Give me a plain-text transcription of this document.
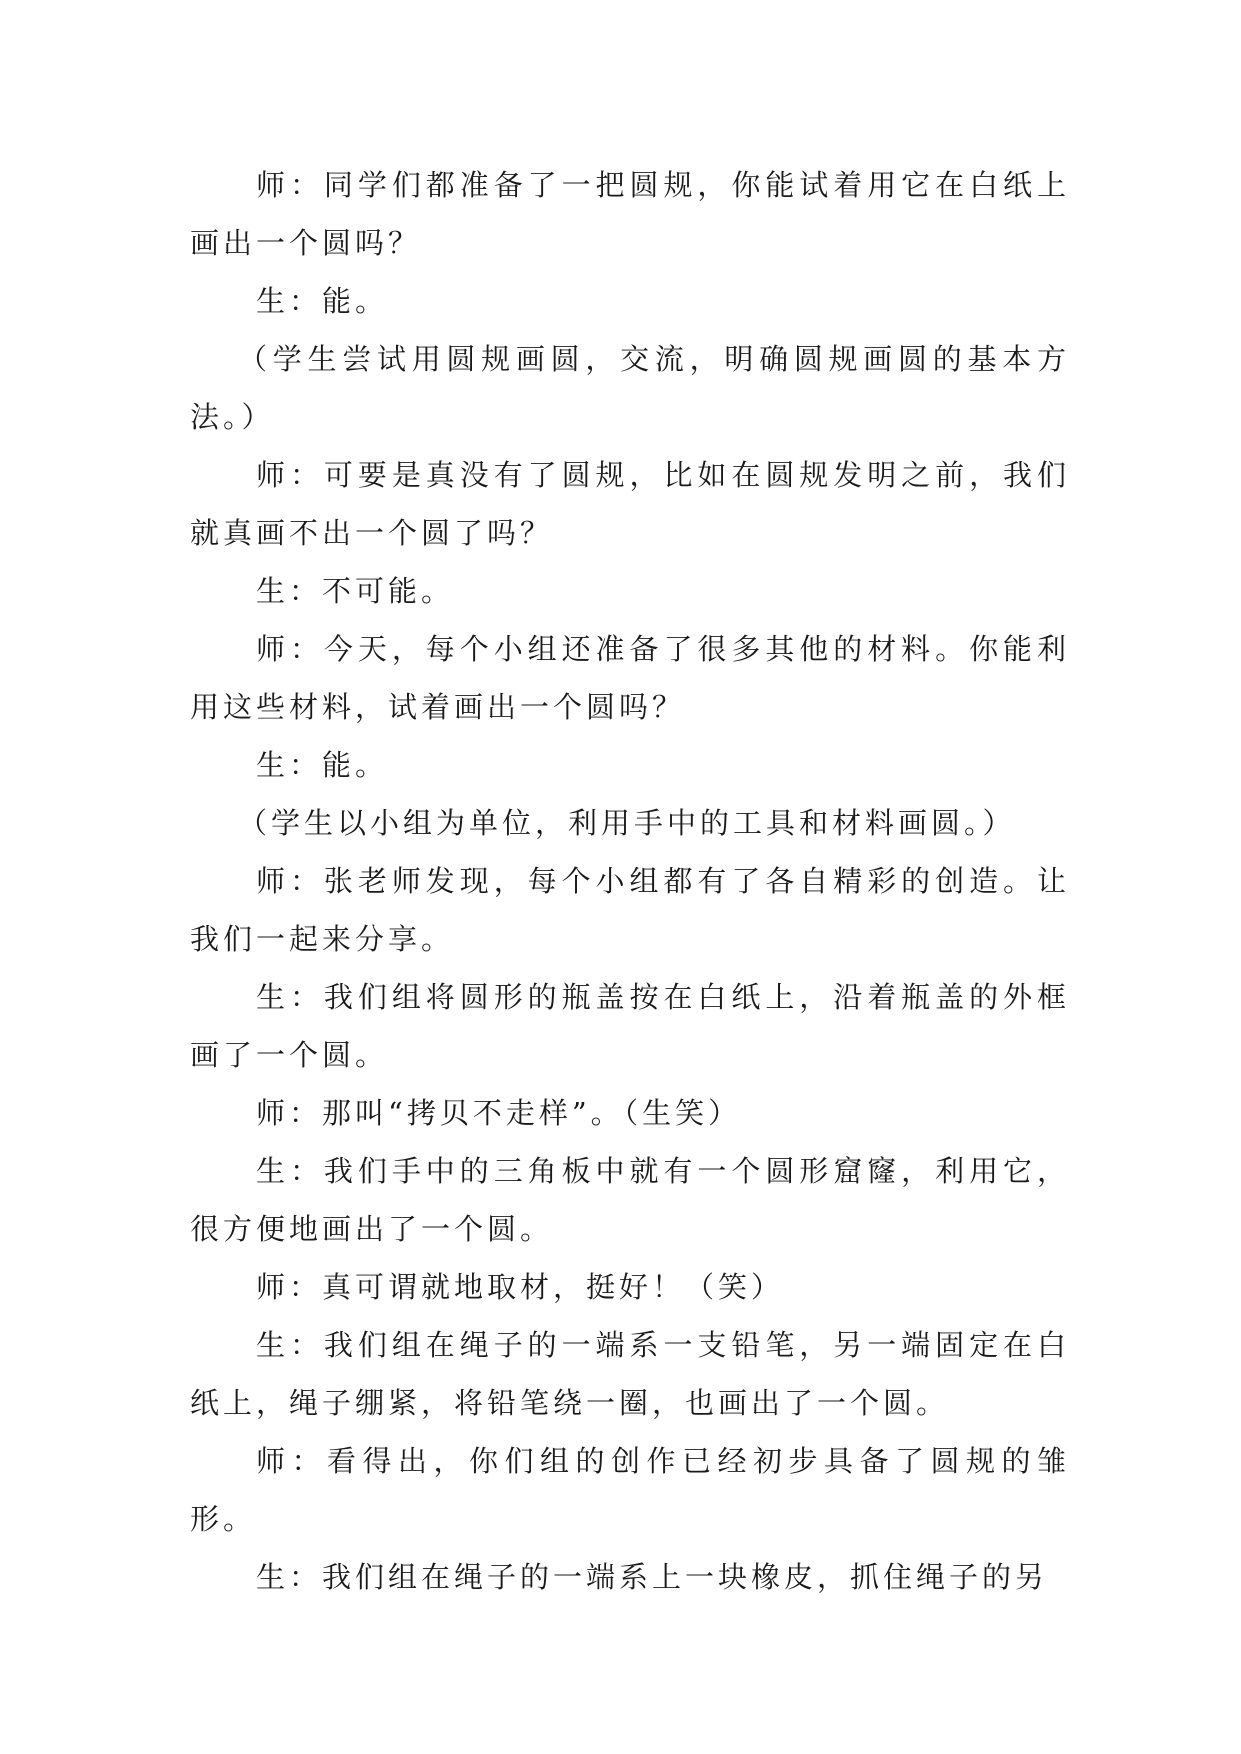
师：同学们都准备了一把圆规，你能试着用它在白纸上画出一个圆吗？

生：能。

（学生尝试用圆规画圆，交流，明确圆规画圆的基本方法。）

师：可要是真没有了圆规，比如在圆规发明之前，我们就真画不出一个圆了吗？

生：不可能。

师：今天，每个小组还准备了很多其他的材料。你能利用这些材料，试着画出一个圆吗？

生：能。

（学生以小组为单位，利用手中的工具和材料画圆。）

师：张老师发现，每个小组都有了各自精彩的创造。让我们一起来分享。

生：我们组将圆形的瓶盖按在白纸上，沿着瓶盖的外框画了一个圆。

师：那叫“拷贝不走样”。（生笑）

生：我们手中的三角板中就有一个圆形窟窿，利用它，很方便地画出了一个圆。

师：真可谓就地取材，挺好！（笑）

生：我们组在绳子的一端系一支铅笔，另一端固定在白纸上，绳子绷紧，将铅笔绕一圈，也画出了一个圆。

师：看得出，你们组的创作已经初步具备了圆规的雏形。

生：我们组在绳子的一端系上一块橡皮，抓住绳子的另
